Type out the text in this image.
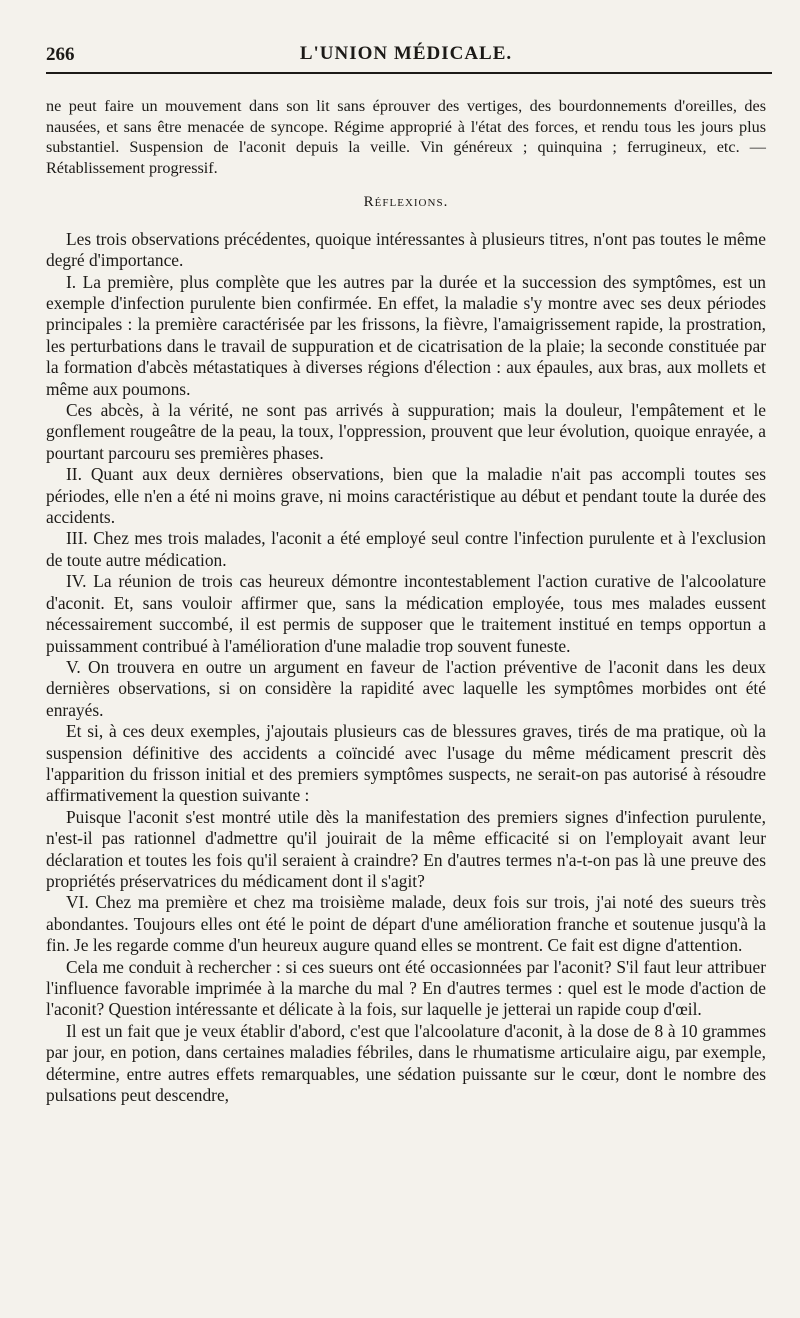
266	L'UNION MÉDICALE.

ne peut faire un mouvement dans son lit sans éprouver des vertiges, des bourdonnements d'oreilles, des nausées, et sans être menacée de syncope. Régime approprié à l'état des forces, et rendu tous les jours plus substantiel. Suspension de l'aconit depuis la veille. Vin généreux ; quinquina ; ferrugineux, etc. — Rétablissement progressif.

Réflexions.

Les trois observations précédentes, quoique intéressantes à plusieurs titres, n'ont pas toutes le même degré d'importance.

I. La première, plus complète que les autres par la durée et la succession des symptômes, est un exemple d'infection purulente bien confirmée. En effet, la maladie s'y montre avec ses deux périodes principales : la première caractérisée par les frissons, la fièvre, l'amaigrissement rapide, la prostration, les perturbations dans le travail de suppuration et de cicatrisation de la plaie; la seconde constituée par la formation d'abcès métastatiques à diverses régions d'élection : aux épaules, aux bras, aux mollets et même aux poumons.

Ces abcès, à la vérité, ne sont pas arrivés à suppuration; mais la douleur, l'empâtement et le gonflement rougeâtre de la peau, la toux, l'oppression, prouvent que leur évolution, quoique enrayée, a pourtant parcouru ses premières phases.

II. Quant aux deux dernières observations, bien que la maladie n'ait pas accompli toutes ses périodes, elle n'en a été ni moins grave, ni moins caractéristique au début et pendant toute la durée des accidents.

III. Chez mes trois malades, l'aconit a été employé seul contre l'infection purulente et à l'exclusion de toute autre médication.

IV. La réunion de trois cas heureux démontre incontestablement l'action curative de l'alcoolature d'aconit. Et, sans vouloir affirmer que, sans la médication employée, tous mes malades eussent nécessairement succombé, il est permis de supposer que le traitement institué en temps opportun a puissamment contribué à l'amélioration d'une maladie trop souvent funeste.

V. On trouvera en outre un argument en faveur de l'action préventive de l'aconit dans les deux dernières observations, si on considère la rapidité avec laquelle les symptômes morbides ont été enrayés.

Et si, à ces deux exemples, j'ajoutais plusieurs cas de blessures graves, tirés de ma pratique, où la suspension définitive des accidents a coïncidé avec l'usage du même médicament prescrit dès l'apparition du frisson initial et des premiers symptômes suspects, ne serait-on pas autorisé à résoudre affirmativement la question suivante :

Puisque l'aconit s'est montré utile dès la manifestation des premiers signes d'infection purulente, n'est-il pas rationnel d'admettre qu'il jouirait de la même efficacité si on l'employait avant leur déclaration et toutes les fois qu'il seraient à craindre? En d'autres termes n'a-t-on pas là une preuve des propriétés préservatrices du médicament dont il s'agit?

VI. Chez ma première et chez ma troisième malade, deux fois sur trois, j'ai noté des sueurs très abondantes. Toujours elles ont été le point de départ d'une amélioration franche et soutenue jusqu'à la fin. Je les regarde comme d'un heureux augure quand elles se montrent. Ce fait est digne d'attention.

Cela me conduit à rechercher : si ces sueurs ont été occasionnées par l'aconit? S'il faut leur attribuer l'influence favorable imprimée à la marche du mal ? En d'autres termes : quel est le mode d'action de l'aconit? Question intéressante et délicate à la fois, sur laquelle je jetterai un rapide coup d'œil.

Il est un fait que je veux établir d'abord, c'est que l'alcoolature d'aconit, à la dose de 8 à 10 grammes par jour, en potion, dans certaines maladies fébriles, dans le rhumatisme articulaire aigu, par exemple, détermine, entre autres effets remarquables, une sédation puissante sur le cœur, dont le nombre des pulsations peut descendre,
